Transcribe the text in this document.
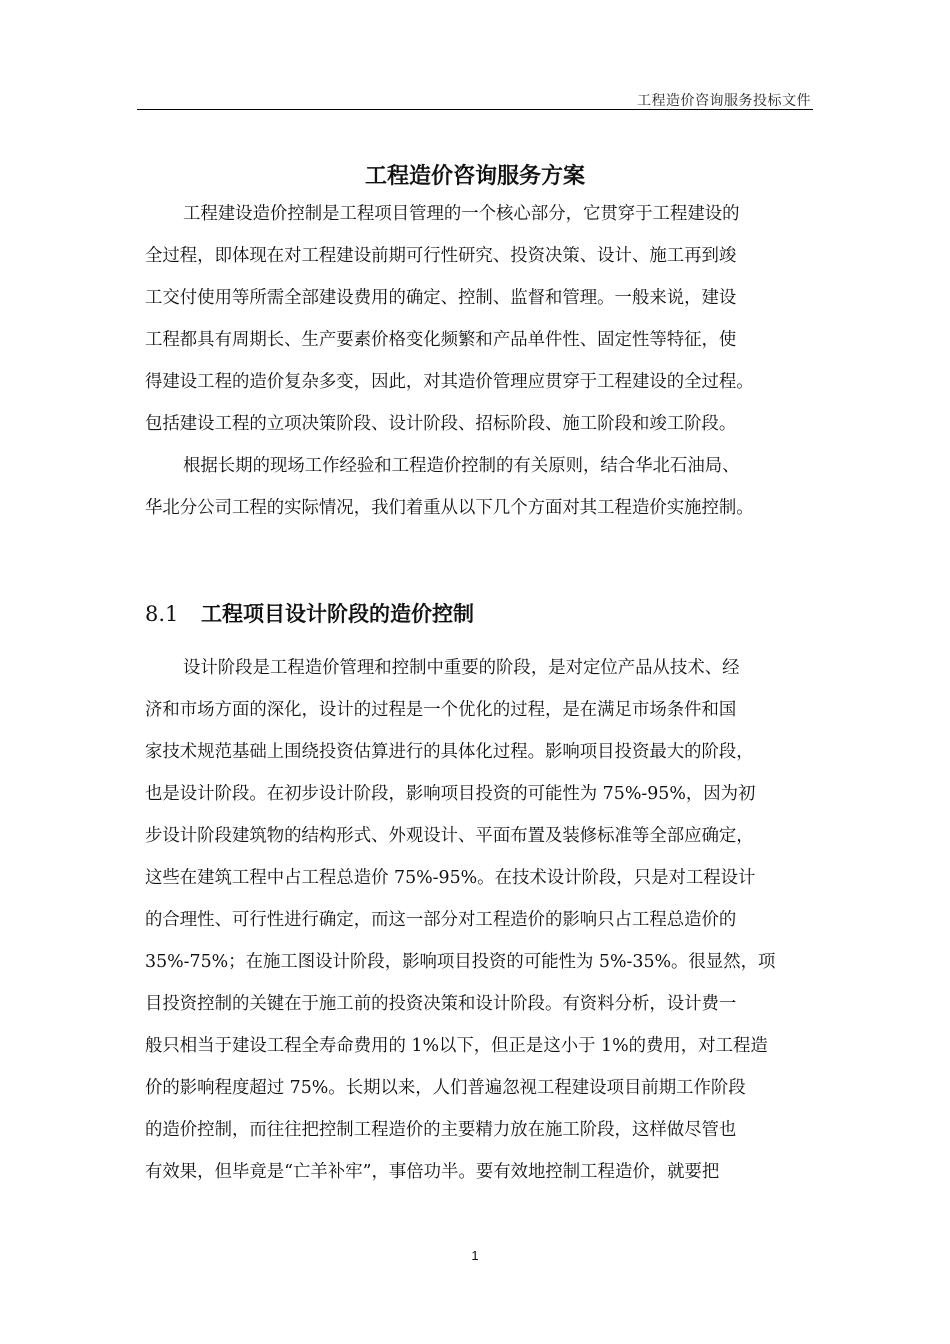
工程造价咨询服务投标文件
工程造价咨询服务方案
工程建设造价控制是工程项目管理的一个核心部分，它贯穿于工程建设的
全过程，即体现在对工程建设前期可行性研究、投资决策、设计、施工再到竣
工交付使用等所需全部建设费用的确定、控制、监督和管理。一般来说，建设
工程都具有周期长、生产要素价格变化频繁和产品单件性、固定性等特征，使
得建设工程的造价复杂多变，因此，对其造价管理应贯穿于工程建设的全过程。
包括建设工程的立项决策阶段、设计阶段、招标阶段、施工阶段和竣工阶段。
根据长期的现场工作经验和工程造价控制的有关原则，结合华北石油局、
华北分公司工程的实际情况，我们着重从以下几个方面对其工程造价实施控制。
8.1 工程项目设计阶段的造价控制
设计阶段是工程造价管理和控制中重要的阶段，是对定位产品从技术、经
济和市场方面的深化，设计的过程是一个优化的过程，是在满足市场条件和国
家技术规范基础上围绕投资估算进行的具体化过程。影响项目投资最大的阶段，
也是设计阶段。在初步设计阶段，影响项目投资的可能性为 75%-95%，因为初
步设计阶段建筑物的结构形式、外观设计、平面布置及装修标准等全部应确定，
这些在建筑工程中占工程总造价 75%-95%。在技术设计阶段，只是对工程设计
的合理性、可行性进行确定，而这一部分对工程造价的影响只占工程总造价的
35%-75%；在施工图设计阶段，影响项目投资的可能性为 5%-35%。很显然，项
目投资控制的关键在于施工前的投资决策和设计阶段。有资料分析，设计费一
般只相当于建设工程全寿命费用的 1%以下，但正是这小于 1%的费用，对工程造
价的影响程度超过 75%。长期以来，人们普遍忽视工程建设项目前期工作阶段
的造价控制，而往往把控制工程造价的主要精力放在施工阶段，这样做尽管也
有效果，但毕竟是“亡羊补牢”，事倍功半。要有效地控制工程造价，就要把
1
